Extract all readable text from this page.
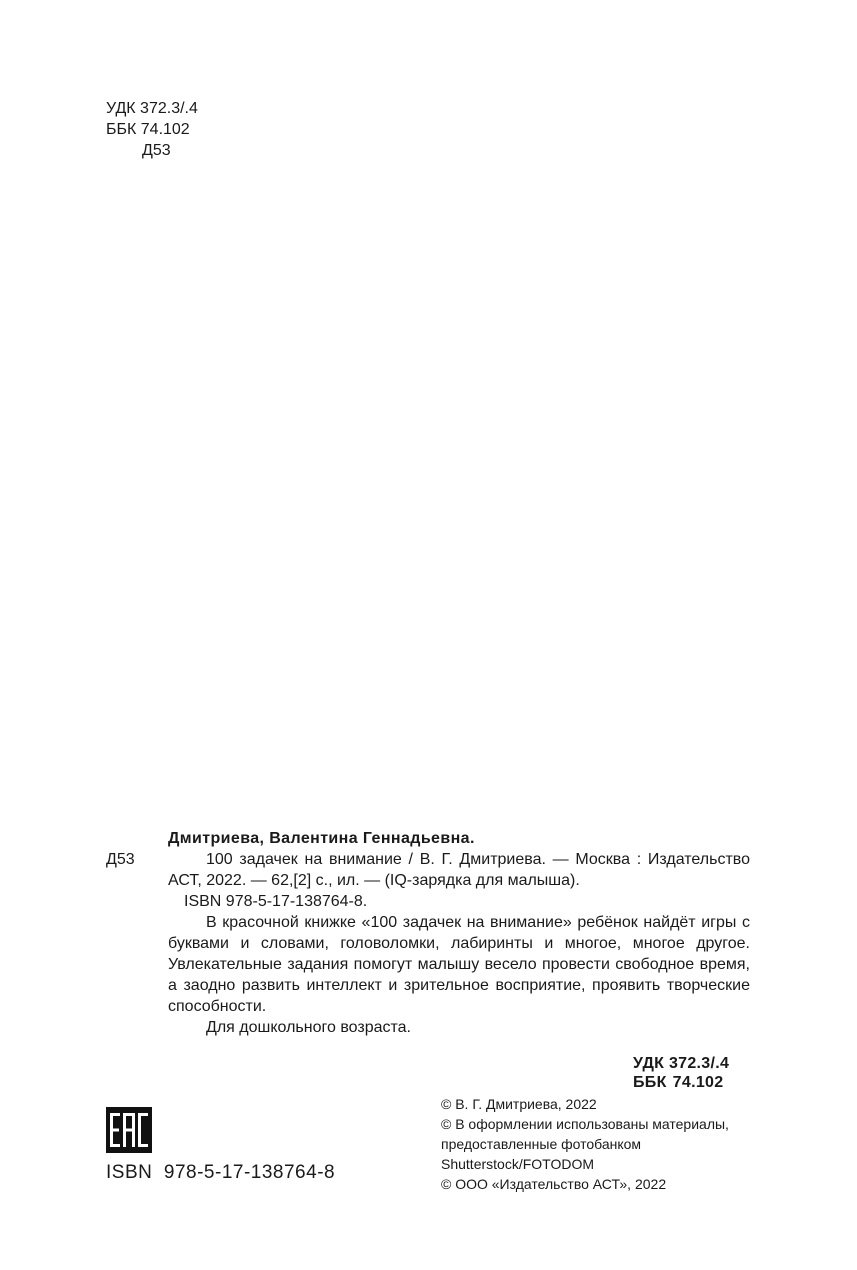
УДК 372.3/.4
ББК 74.102
Д53
Дмитриева, Валентина Геннадьевна.
Д53	100 задачек на внимание / В. Г. Дмитриева. — Москва : Издательство АСТ, 2022. — 62,[2] с., ил. — (IQ-зарядка для малыша).
ISBN 978-5-17-138764-8.
В красочной книжке «100 задачек на внимание» ребёнок найдёт игры с буквами и словами, головоломки, лабиринты и многое, многое другое. Увлекательные задания помогут малышу весело провести свободное время, а заодно развить интеллект и зрительное восприятие, проявить творческие способности.
Для дошкольного возраста.
УДК 372.3/.4
ББК 74.102
ISBN  978-5-17-138764-8
© В. Г. Дмитриева, 2022
© В оформлении использованы материалы,
предоставленные фотобанком
Shutterstock/FOTODOM
© ООО «Издательство АСТ», 2022
